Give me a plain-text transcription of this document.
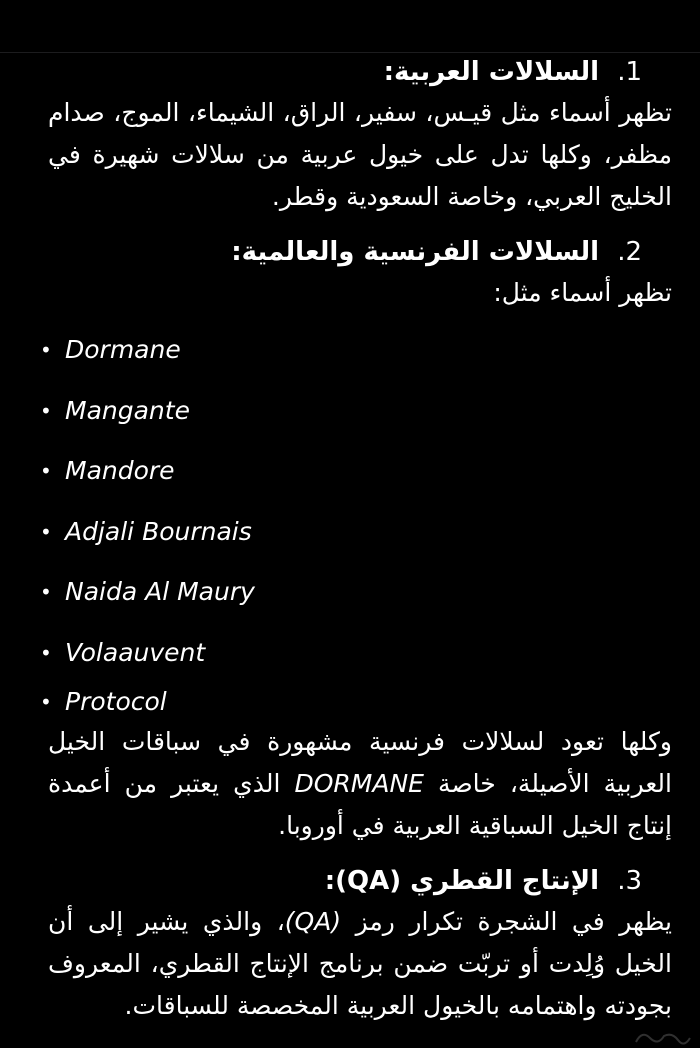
1.  السلالات العربية:

تظهر أسماء مثل قيـس، سفير، الراق، الشيماء، الموج، صدام مظفر، وكلها تدل على خيول عربية من سلالات شهيرة في الخليج العربي، وخاصة السعودية وقطر.

2.  السلالات الفرنسية والعالمية:

تظهر أسماء مثل:

• Dormane
• Mangante
• Mandore
• Adjali Bournais
• Naida Al Maury
• Volaauvent
• Protocol

وكلها تعود لسلالات فرنسية مشهورة في سباقات الخيل العربية الأصيلة، خاصة DORMANE الذي يعتبر من أعمدة إنتاج الخيل السباقية العربية في أوروبا.

3.  الإنتاج القطري (QA):

يظهر في الشجرة تكرار رمز (QA)، والذي يشير إلى أن الخيل وُلِدت أو تربّت ضمن برنامج الإنتاج القطري، المعروف بجودته واهتمامه بالخيول العربية المخصصة للسباقات.
